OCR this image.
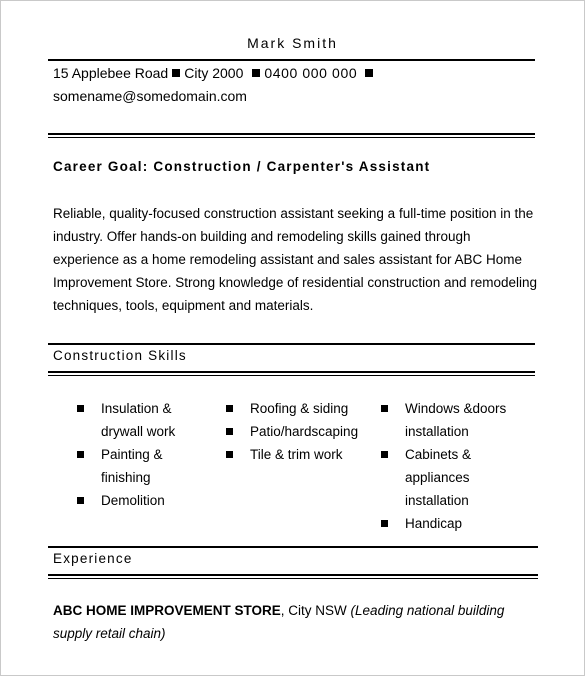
Mark Smith
15 Applebee Road City 2000 0400 000 000
somename@somedomain.com
Career Goal: Construction / Carpenter's Assistant
Reliable, quality-focused construction assistant seeking a full-time position in the
industry. Offer hands-on building and remodeling skills gained through
experience as a home remodeling assistant and sales assistant for ABC Home
Improvement Store. Strong knowledge of residential construction and remodeling
techniques, tools, equipment and materials.
Construction Skills
Insulation &
drywall work
Painting &
finishing
Demolition
Roofing & siding
Patio/hardscaping
Tile & trim work
Windows &doors
installation
Cabinets &
appliances
installation
Handicap
Experience
ABC HOME IMPROVEMENT STORE, City NSW (Leading national building
supply retail chain)
